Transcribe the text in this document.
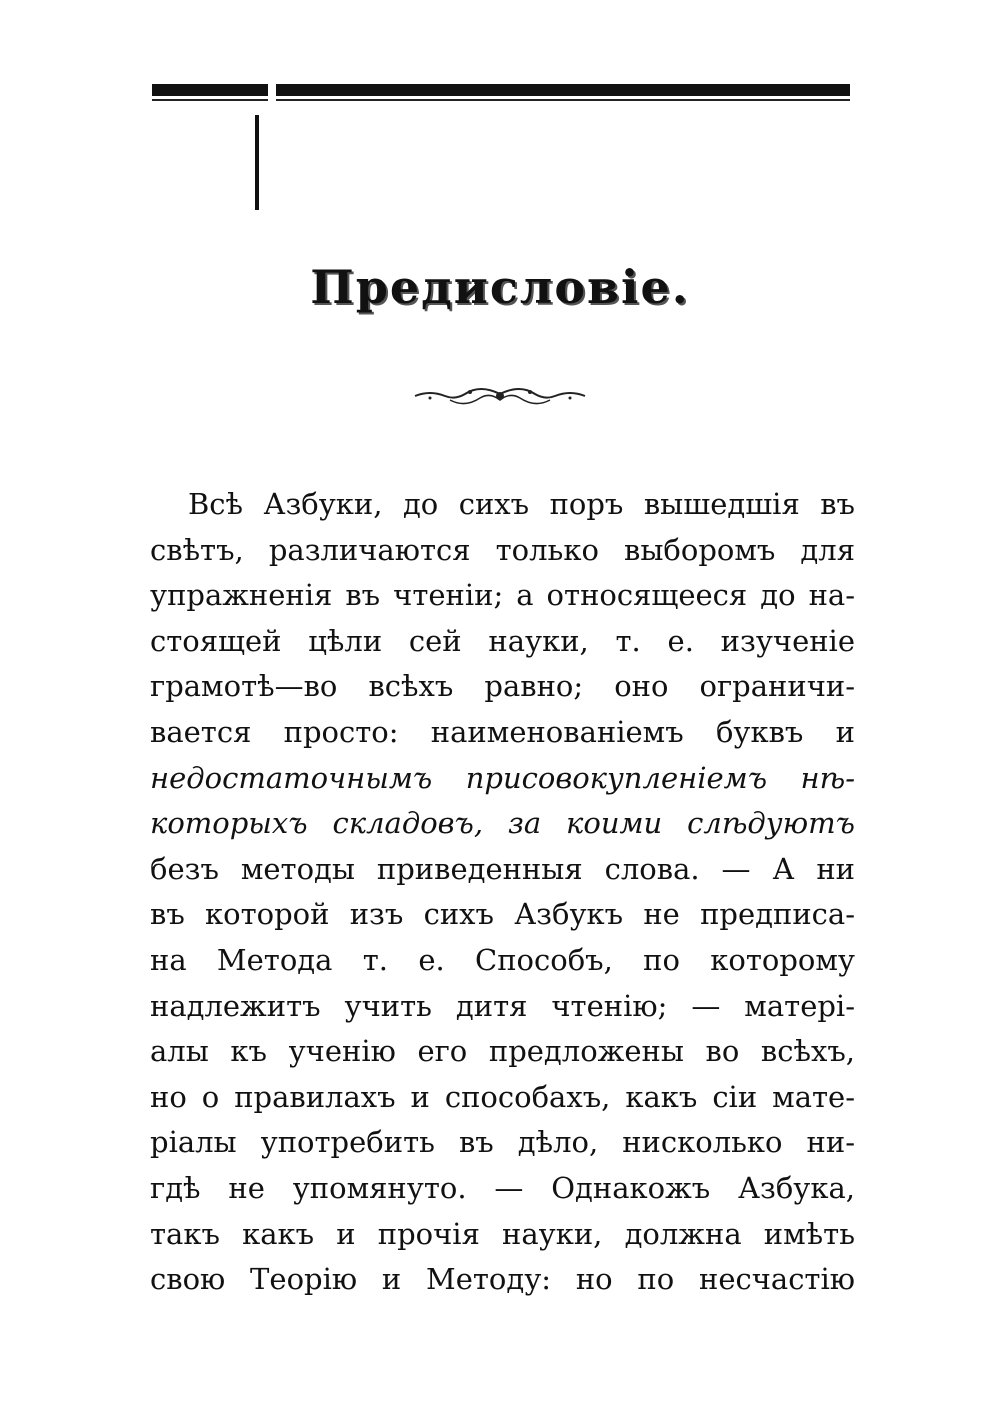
Предисловіе.
Всѣ Азбуки, до сихъ поръ вышедшія въ
свѣтъ, различаются только выборомъ для
упражненія въ чтеніи; а относящееся до на-
стоящей цѣли сей науки, т. е. изученіе
грамотѣ—во всѣхъ равно; оно ограничи-
вается просто: наименованіемъ буквъ и
недостаточнымъ присовокупленіемъ нѣ-
которыхъ складовъ, за коими слѣдуютъ
безъ методы приведенныя слова. — А ни
въ которой изъ сихъ Азбукъ не предписа-
на Метода т. е. Способъ, по которому
надлежитъ учить дитя чтенію; — матері-
алы къ ученію его предложены во всѣхъ,
но о правилахъ и способахъ, какъ сіи мате-
ріалы употребить въ дѣло, нисколько ни-
гдѣ не упомянуто. — Однакожъ Азбука,
такъ какъ и прочія науки, должна имѣть
свою Теорію и Методу: но по несчастію
